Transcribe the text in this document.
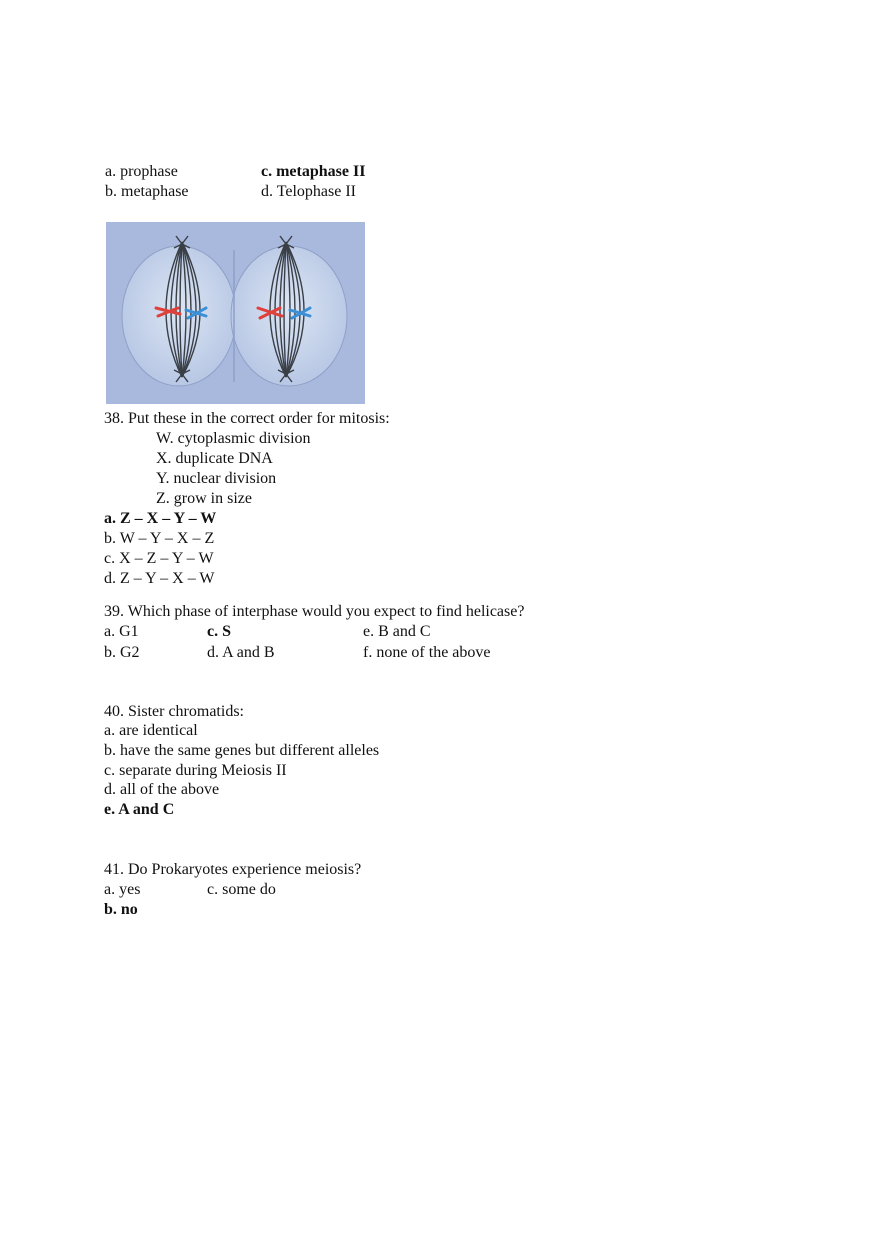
a. prophase	c. metaphase II
b. metaphase	d. Telophase II
38. Put these in the correct order for mitosis:
W. cytoplasmic division
X. duplicate DNA
Y. nuclear division
Z. grow in size
a. Z – X – Y – W
b. W – Y – X – Z
c. X – Z – Y – W
d. Z – Y – X – W
39. Which phase of interphase would you expect to find helicase?
a. G1	c. S	e. B and C
b. G2	d. A and B	f. none of the above
40. Sister chromatids:
a. are identical
b. have the same genes but different alleles
c. separate during Meiosis II
d. all of the above
e. A and C
41. Do Prokaryotes experience meiosis?
a. yes	c. some do
b. no
